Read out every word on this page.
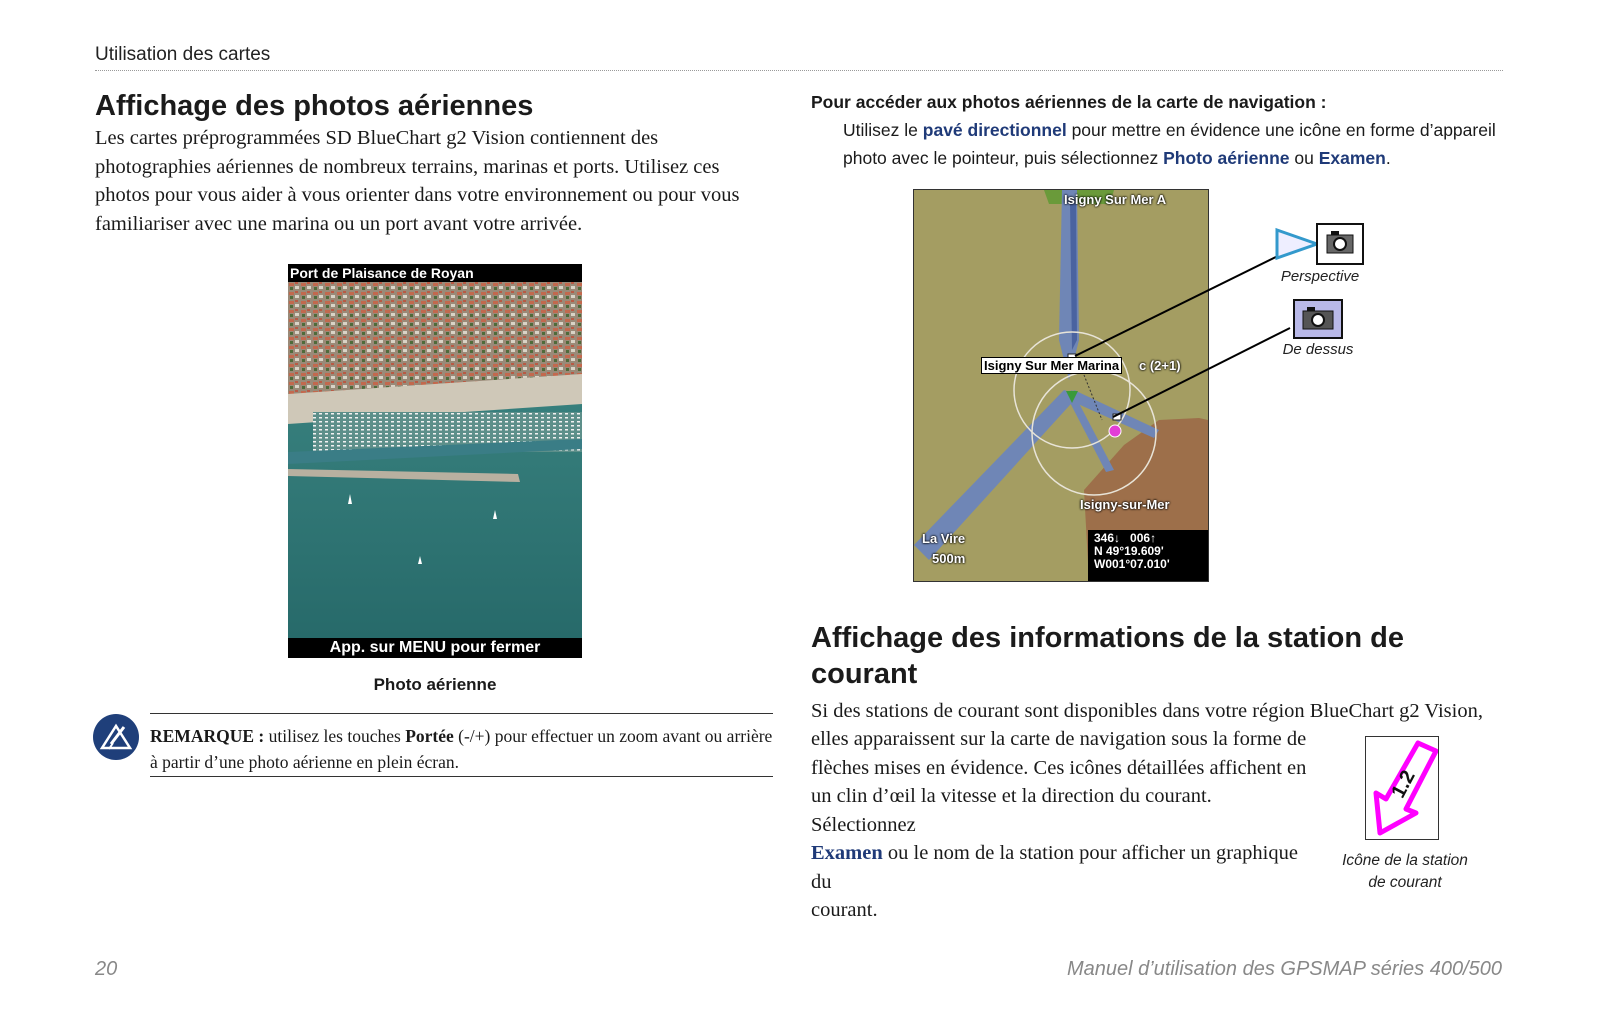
Utilisation des cartes
Affichage des photos aériennes
Les cartes préprogrammées SD BlueChart g2 Vision contiennent des photographies aériennes de nombreux terrains, marinas et ports. Utilisez ces photos pour vous aider à vous orienter dans votre environnement ou pour vous familiariser avec une marina ou un port avant votre arrivée.
Port de Plaisance de Royan
App. sur MENU pour fermer
Photo aérienne
REMARQUE : utilisez les touches Portée (-/+) pour effectuer un zoom avant ou arrière à partir d’une photo aérienne en plein écran.
Pour accéder aux photos aériennes de la carte de navigation :
Utilisez le pavé directionnel pour mettre en évidence une icône en forme d’appareil photo avec le pointeur, puis sélectionnez Photo aérienne ou Examen.
Isigny Sur Mer A
Isigny Sur Mer Marina c (2+1)
Isigny-sur-Mer
La Vire
500m
346↓ 006↑
N 49°19.609'
W001°07.010'
Perspective
De dessus
Affichage des informations de la station de courant
Si des stations de courant sont disponibles dans votre région BlueChart g2 Vision,
elles apparaissent sur la carte de navigation sous la forme de
flèches mises en évidence. Ces icônes détaillées affichent en
un clin d’œil la vitesse et la direction du courant. Sélectionnez
Examen ou le nom de la station pour afficher un graphique du
courant.
1.2
Icône de la station
de courant
20	Manuel d’utilisation des GPSMAP séries 400/500
